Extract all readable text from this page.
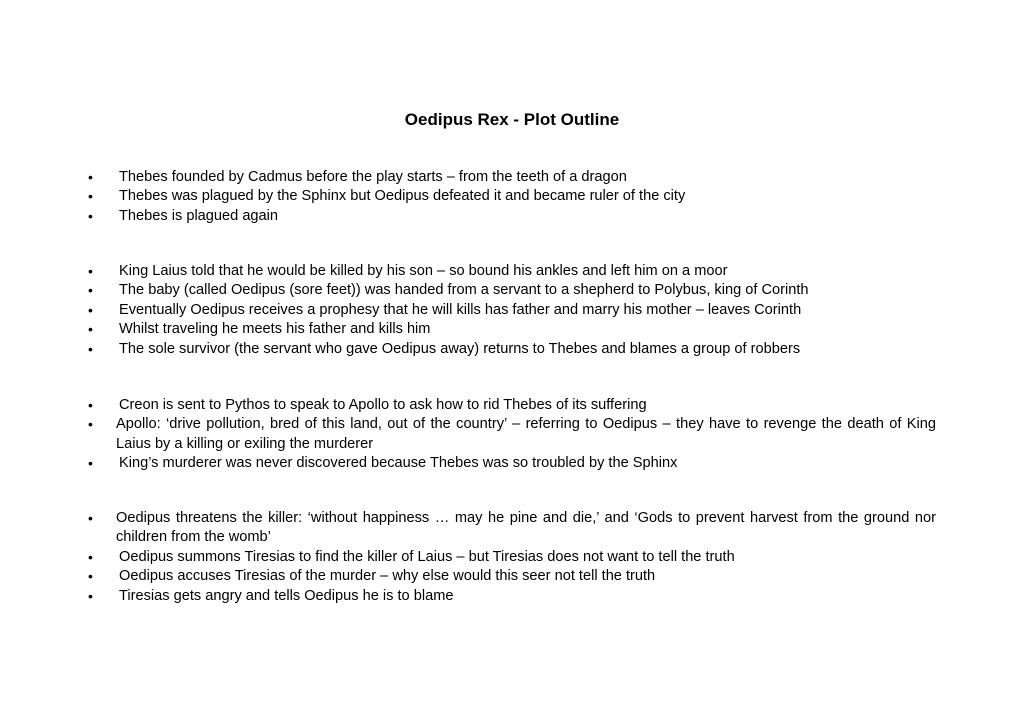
Oedipus Rex - Plot Outline
•	Thebes founded by Cadmus before the play starts – from the teeth of a dragon
•	Thebes was plagued by the Sphinx but Oedipus defeated it and became ruler of the city
•	Thebes is plagued again
•	King Laius told that he would be killed by his son – so bound his ankles and left him on a moor
•	The baby (called Oedipus (sore feet)) was handed from a servant to a shepherd to Polybus, king of Corinth
•	Eventually Oedipus receives a prophesy that he will kills has father and marry his mother – leaves Corinth
•	Whilst traveling he meets his father and kills him
•	The sole survivor (the servant who gave Oedipus away) returns to Thebes and blames a group of robbers
•	Creon is sent to Pythos to speak to Apollo to ask how to rid Thebes of its suffering
•	Apollo: ‘drive pollution, bred of this land, out of the country’ – referring to Oedipus – they have to revenge the death of King Laius by a killing or exiling the murderer
•	King’s murderer was never discovered because Thebes was so troubled by the Sphinx
•	Oedipus threatens the killer: ‘without happiness … may he pine and die,’ and ‘Gods to prevent harvest from the ground nor children from the womb’
•	Oedipus summons Tiresias to find the killer of Laius – but Tiresias does not want to tell the truth
•	Oedipus accuses Tiresias of the murder – why else would this seer not tell the truth
•	Tiresias gets angry and tells Oedipus he is to blame
